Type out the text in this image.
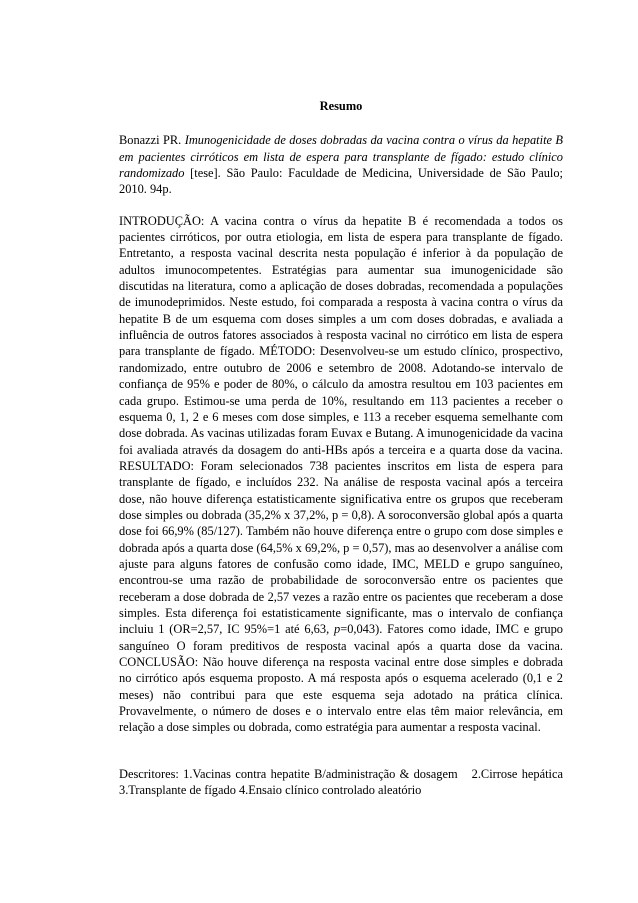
Resumo

Bonazzi PR. Imunogenicidade de doses dobradas da vacina contra o vírus da hepatite B em pacientes cirróticos em lista de espera para transplante de fígado: estudo clínico randomizado [tese]. São Paulo: Faculdade de Medicina, Universidade de São Paulo; 2010. 94p.

INTRODUÇÃO: A vacina contra o vírus da hepatite B é recomendada a todos os pacientes cirróticos, por outra etiologia, em lista de espera para transplante de fígado. Entretanto, a resposta vacinal descrita nesta população é inferior à da população de adultos imunocompetentes. Estratégias para aumentar sua imunogenicidade são discutidas na literatura, como a aplicação de doses dobradas, recomendada a populações de imunodeprimidos. Neste estudo, foi comparada a resposta à vacina contra o vírus da hepatite B de um esquema com doses simples a um com doses dobradas, e avaliada a influência de outros fatores associados à resposta vacinal no cirrótico em lista de espera para transplante de fígado. MÉTODO: Desenvolveu-se um estudo clínico, prospectivo, randomizado, entre outubro de 2006 e setembro de 2008. Adotando-se intervalo de confiança de 95% e poder de 80%, o cálculo da amostra resultou em 103 pacientes em cada grupo. Estimou-se uma perda de 10%, resultando em 113 pacientes a receber o esquema 0, 1, 2 e 6 meses com dose simples, e 113 a receber esquema semelhante com dose dobrada. As vacinas utilizadas foram Euvax e Butang. A imunogenicidade da vacina foi avaliada através da dosagem do anti-HBs após a terceira e a quarta dose da vacina. RESULTADO: Foram selecionados 738 pacientes inscritos em lista de espera para transplante de fígado, e incluídos 232. Na análise de resposta vacinal após a terceira dose, não houve diferença estatisticamente significativa entre os grupos que receberam dose simples ou dobrada (35,2% x 37,2%, p = 0,8). A soroconversão global após a quarta dose foi 66,9% (85/127). Também não houve diferença entre o grupo com dose simples e dobrada após a quarta dose (64,5% x 69,2%, p = 0,57), mas ao desenvolver a análise com ajuste para alguns fatores de confusão como idade, IMC, MELD e grupo sanguíneo, encontrou-se uma razão de probabilidade de soroconversão entre os pacientes que receberam a dose dobrada de 2,57 vezes a razão entre os pacientes que receberam a dose simples. Esta diferença foi estatisticamente significante, mas o intervalo de confiança incluiu 1 (OR=2,57, IC 95%=1 até 6,63, p=0,043). Fatores como idade, IMC e grupo sanguíneo O foram preditivos de resposta vacinal após a quarta dose da vacina. CONCLUSÃO: Não houve diferença na resposta vacinal entre dose simples e dobrada no cirrótico após esquema proposto. A má resposta após o esquema acelerado (0,1 e 2 meses) não contribui para que este esquema seja adotado na prática clínica. Provavelmente, o número de doses e o intervalo entre elas têm maior relevância, em relação a dose simples ou dobrada, como estratégia para aumentar a resposta vacinal.

Descritores: 1.Vacinas contra hepatite B/administração & dosagem 2.Cirrose hepática 3.Transplante de fígado 4.Ensaio clínico controlado aleatório
